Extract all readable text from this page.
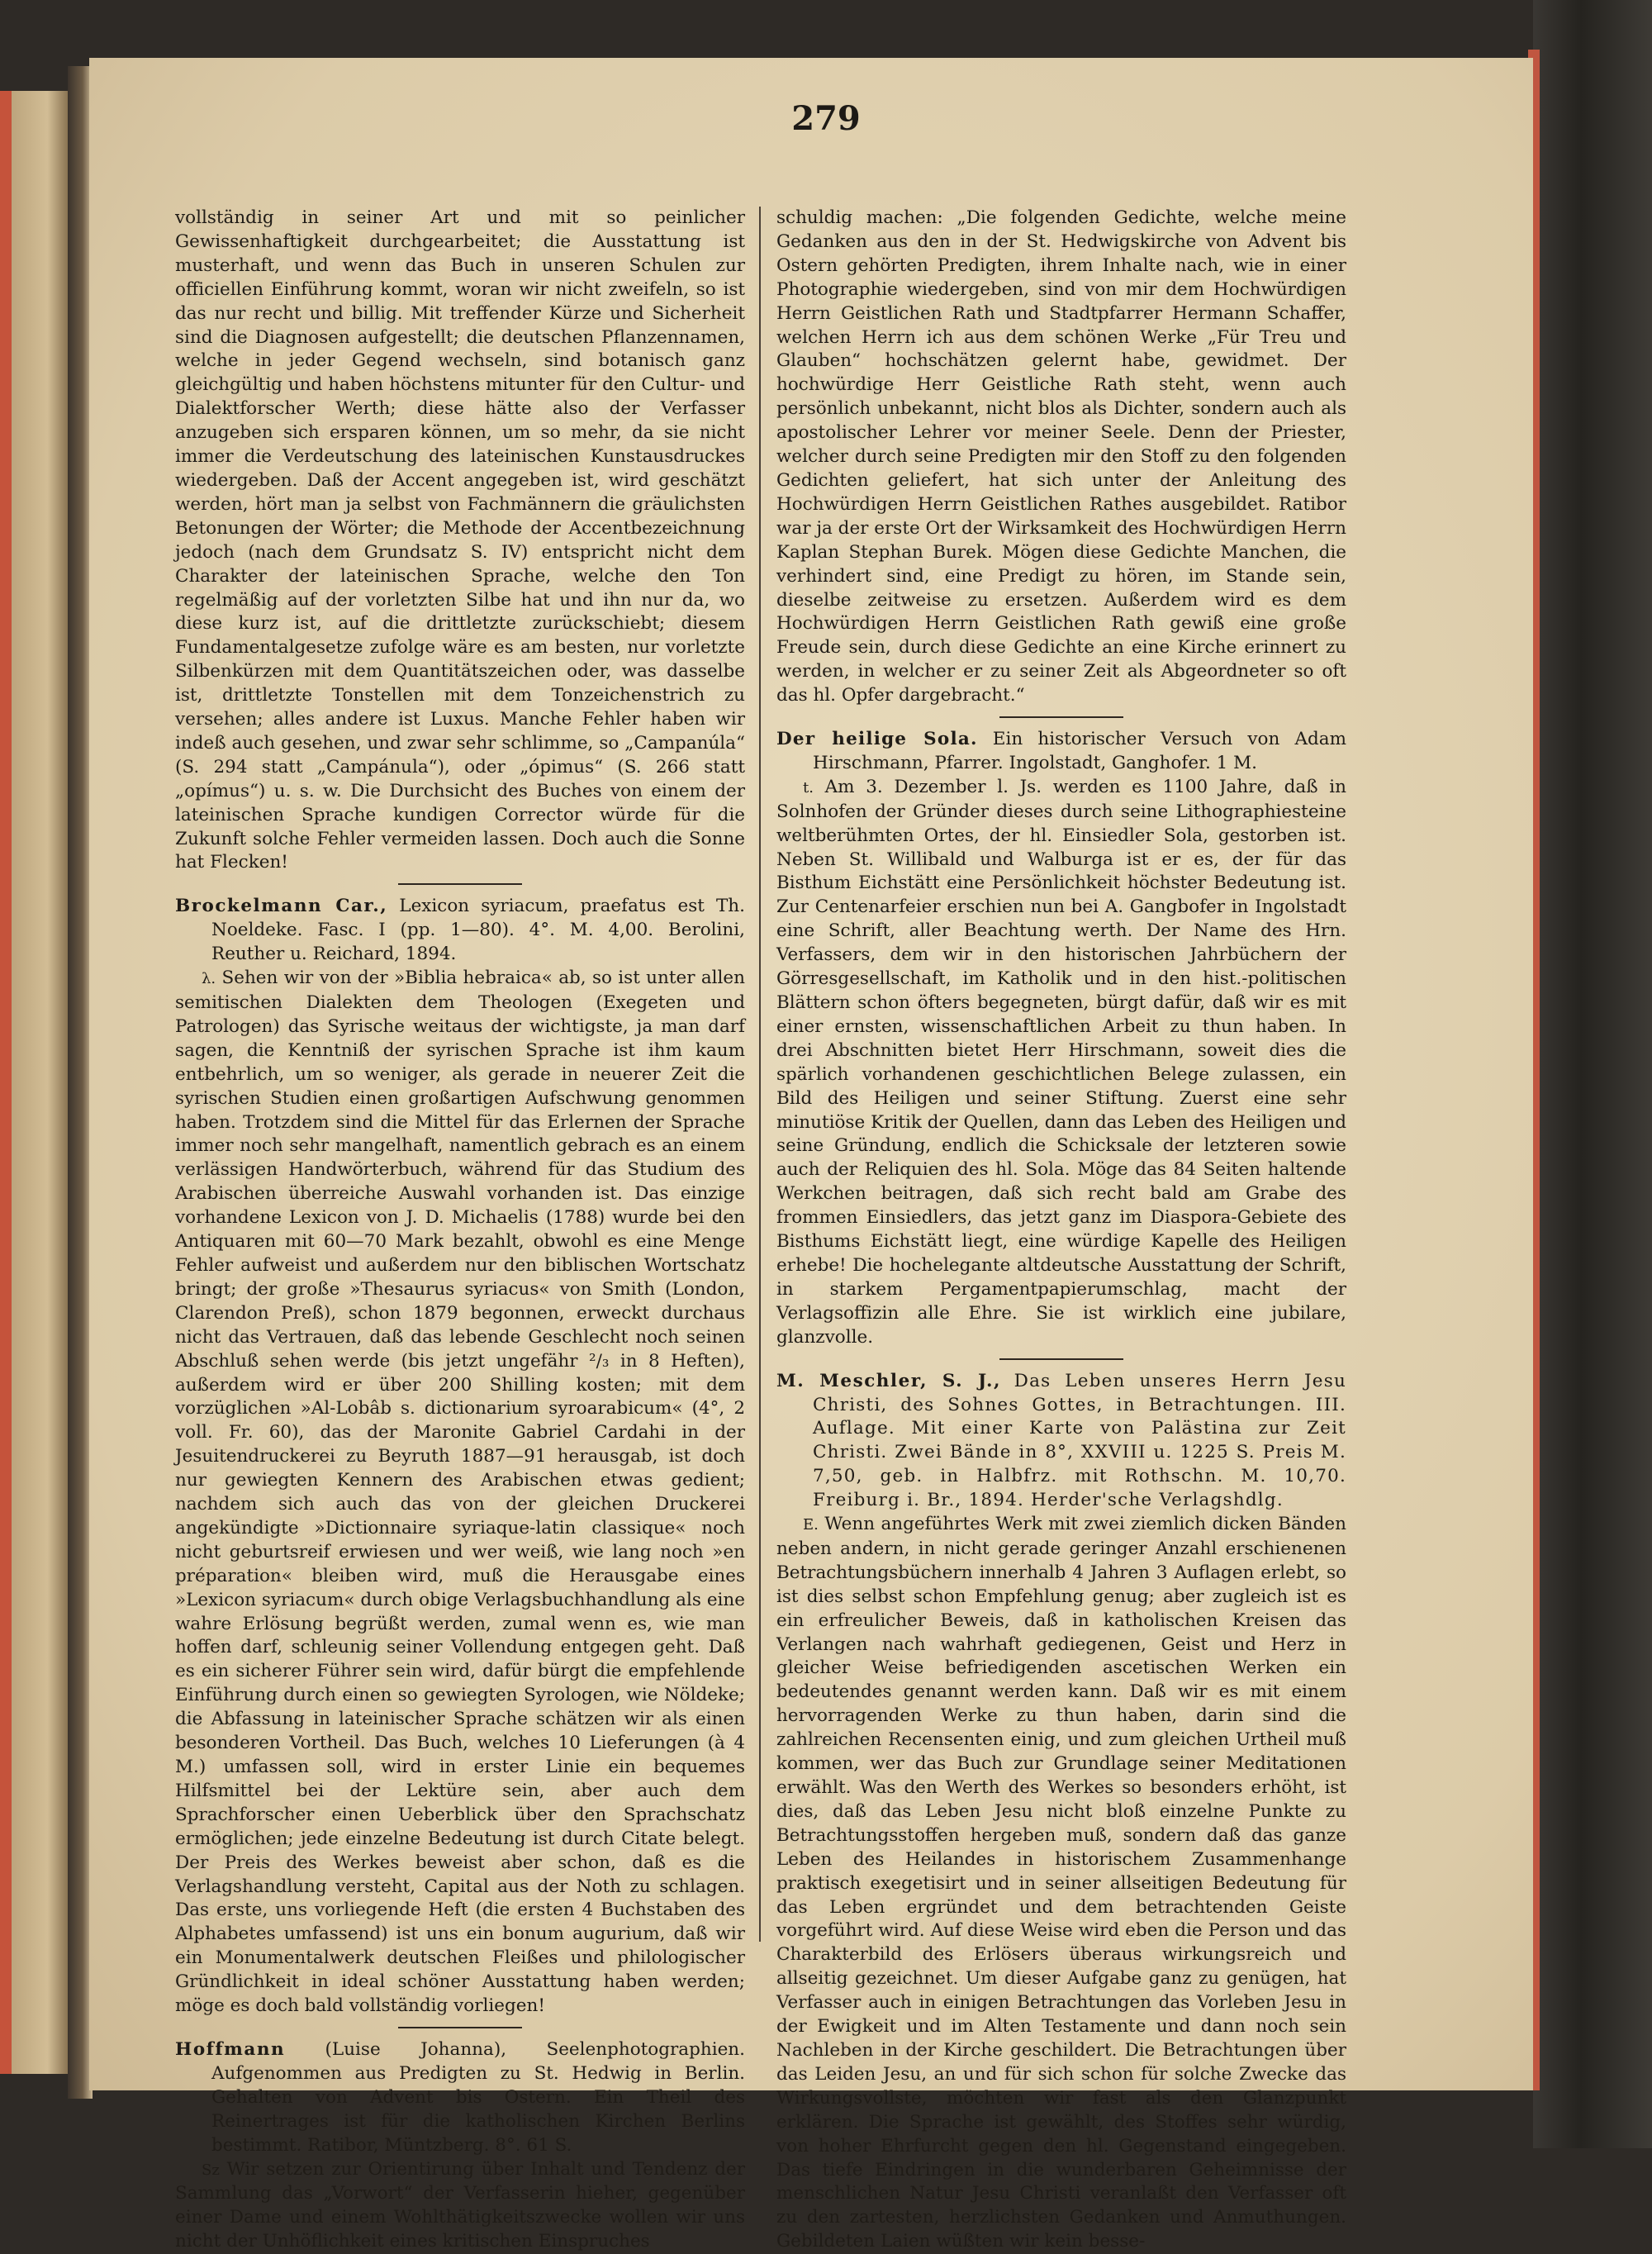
279

vollständig in seiner Art und mit so peinlicher Gewissenhaftigkeit durchgearbeitet; die Ausstattung ist musterhaft, und wenn das Buch in unseren Schulen zur officiellen Einführung kommt, woran wir nicht zweifeln, so ist das nur recht und billig. Mit treffender Kürze und Sicherheit sind die Diagnosen aufgestellt; die deutschen Pflanzennamen, welche in jeder Gegend wechseln, sind botanisch ganz gleichgültig und haben höchstens mitunter für den Cultur- und Dialektforscher Werth; diese hätte also der Verfasser anzugeben sich ersparen können, um so mehr, da sie nicht immer die Verdeutschung des lateinischen Kunstausdruckes wiedergeben. Daß der Accent angegeben ist, wird geschätzt werden, hört man ja selbst von Fachmännern die gräulichsten Betonungen der Wörter; die Methode der Accentbezeichnung jedoch (nach dem Grundsatz S. IV) entspricht nicht dem Charakter der lateinischen Sprache, welche den Ton regelmäßig auf der vorletzten Silbe hat und ihn nur da, wo diese kurz ist, auf die drittletzte zurückschiebt; diesem Fundamentalgesetze zufolge wäre es am besten, nur vorletzte Silbenkürzen mit dem Quantitätszeichen oder, was dasselbe ist, drittletzte Tonstellen mit dem Tonzeichenstrich zu versehen; alles andere ist Luxus. Manche Fehler haben wir indeß auch gesehen, und zwar sehr schlimme, so „Campanúla“ (S. 294 statt „Campánula“), oder „ópimus“ (S. 266 statt „opímus“) u. s. w. Die Durchsicht des Buches von einem der lateinischen Sprache kundigen Corrector würde für die Zukunft solche Fehler vermeiden lassen. Doch auch die Sonne hat Flecken!

Brockelmann Car., Lexicon syriacum, praefatus est Th. Noeldeke. Fasc. I (pp. 1—80). 4°. M. 4,00. Berolini, Reuther u. Reichard, 1894.

λ. Sehen wir von der »Biblia hebraica« ab, so ist unter allen semitischen Dialekten dem Theologen (Exegeten und Patrologen) das Syrische weitaus der wichtigste, ja man darf sagen, die Kenntniß der syrischen Sprache ist ihm kaum entbehrlich, um so weniger, als gerade in neuerer Zeit die syrischen Studien einen großartigen Aufschwung genommen haben. Trotzdem sind die Mittel für das Erlernen der Sprache immer noch sehr mangelhaft, namentlich gebrach es an einem verlässigen Handwörterbuch, während für das Studium des Arabischen überreiche Auswahl vorhanden ist. Das einzige vorhandene Lexicon von J. D. Michaelis (1788) wurde bei den Antiquaren mit 60—70 Mark bezahlt, obwohl es eine Menge Fehler aufweist und außerdem nur den biblischen Wortschatz bringt; der große »Thesaurus syriacus« von Smith (London, Clarendon Preß), schon 1879 begonnen, erweckt durchaus nicht das Vertrauen, daß das lebende Geschlecht noch seinen Abschluß sehen werde (bis jetzt ungefähr ²/₃ in 8 Heften), außerdem wird er über 200 Shilling kosten; mit dem vorzüglichen »Al-Lobâb s. dictionarium syroarabicum« (4°, 2 voll. Fr. 60), das der Maronite Gabriel Cardahi in der Jesuitendruckerei zu Beyruth 1887—91 herausgab, ist doch nur gewiegten Kennern des Arabischen etwas gedient; nachdem sich auch das von der gleichen Druckerei angekündigte »Dictionnaire syriaque-latin classique« noch nicht geburtsreif erwiesen und wer weiß, wie lang noch »en préparation« bleiben wird, muß die Herausgabe eines »Lexicon syriacum« durch obige Verlagsbuchhandlung als eine wahre Erlösung begrüßt werden, zumal wenn es, wie man hoffen darf, schleunig seiner Vollendung entgegen geht. Daß es ein sicherer Führer sein wird, dafür bürgt die empfehlende Einführung durch einen so gewiegten Syrologen, wie Nöldeke; die Abfassung in lateinischer Sprache schätzen wir als einen besonderen Vortheil. Das Buch, welches 10 Lieferungen (à 4 M.) umfassen soll, wird in erster Linie ein bequemes Hilfsmittel bei der Lektüre sein, aber auch dem Sprachforscher einen Ueberblick über den Sprachschatz ermöglichen; jede einzelne Bedeutung ist durch Citate belegt. Der Preis des Werkes beweist aber schon, daß es die Verlagshandlung versteht, Capital aus der Noth zu schlagen. Das erste, uns vorliegende Heft (die ersten 4 Buchstaben des Alphabetes umfassend) ist uns ein bonum augurium, daß wir ein Monumentalwerk deutschen Fleißes und philologischer Gründlichkeit in ideal schöner Ausstattung haben werden; möge es doch bald vollständig vorliegen!

Hoffmann (Luise Johanna), Seelenphotographien. Aufgenommen aus Predigten zu St. Hedwig in Berlin. Gehalten von Advent bis Ostern. Ein Theil des Reinertrages ist für die katholischen Kirchen Berlins bestimmt. Ratibor, Müntzberg. 8°. 61 S.

Sz Wir setzen zur Orientirung über Inhalt und Tendenz der Sammlung das „Vorwort“ der Verfasserin hieher, gegenüber einer Dame und einem Wohlthätigkeitszwecke wollen wir uns nicht der Unhöflichkeit eines kritischen Einspruches

schuldig machen: „Die folgenden Gedichte, welche meine Gedanken aus den in der St. Hedwigskirche von Advent bis Ostern gehörten Predigten, ihrem Inhalte nach, wie in einer Photographie wiedergeben, sind von mir dem Hochwürdigen Herrn Geistlichen Rath und Stadtpfarrer Hermann Schaffer, welchen Herrn ich aus dem schönen Werke „Für Treu und Glauben“ hochschätzen gelernt habe, gewidmet. Der hochwürdige Herr Geistliche Rath steht, wenn auch persönlich unbekannt, nicht blos als Dichter, sondern auch als apostolischer Lehrer vor meiner Seele. Denn der Priester, welcher durch seine Predigten mir den Stoff zu den folgenden Gedichten geliefert, hat sich unter der Anleitung des Hochwürdigen Herrn Geistlichen Rathes ausgebildet. Ratibor war ja der erste Ort der Wirksamkeit des Hochwürdigen Herrn Kaplan Stephan Burek. Mögen diese Gedichte Manchen, die verhindert sind, eine Predigt zu hören, im Stande sein, dieselbe zeitweise zu ersetzen. Außerdem wird es dem Hochwürdigen Herrn Geistlichen Rath gewiß eine große Freude sein, durch diese Gedichte an eine Kirche erinnert zu werden, in welcher er zu seiner Zeit als Abgeordneter so oft das hl. Opfer dargebracht.“

Der heilige Sola. Ein historischer Versuch von Adam Hirschmann, Pfarrer. Ingolstadt, Ganghofer. 1 M.

t. Am 3. Dezember l. Js. werden es 1100 Jahre, daß in Solnhofen der Gründer dieses durch seine Lithographiesteine weltberühmten Ortes, der hl. Einsiedler Sola, gestorben ist. Neben St. Willibald und Walburga ist er es, der für das Bisthum Eichstätt eine Persönlichkeit höchster Bedeutung ist. Zur Centenarfeier erschien nun bei A. Gangbofer in Ingolstadt eine Schrift, aller Beachtung werth. Der Name des Hrn. Verfassers, dem wir in den historischen Jahrbüchern der Görresgesellschaft, im Katholik und in den hist.-politischen Blättern schon öfters begegneten, bürgt dafür, daß wir es mit einer ernsten, wissenschaftlichen Arbeit zu thun haben. In drei Abschnitten bietet Herr Hirschmann, soweit dies die spärlich vorhandenen geschichtlichen Belege zulassen, ein Bild des Heiligen und seiner Stiftung. Zuerst eine sehr minutiöse Kritik der Quellen, dann das Leben des Heiligen und seine Gründung, endlich die Schicksale der letzteren sowie auch der Reliquien des hl. Sola. Möge das 84 Seiten haltende Werkchen beitragen, daß sich recht bald am Grabe des frommen Einsiedlers, das jetzt ganz im Diaspora-Gebiete des Bisthums Eichstätt liegt, eine würdige Kapelle des Heiligen erhebe! Die hochelegante altdeutsche Ausstattung der Schrift, in starkem Pergamentpapierumschlag, macht der Verlagsoffizin alle Ehre. Sie ist wirklich eine jubilare, glanzvolle.

M. Meschler, S. J., Das Leben unseres Herrn Jesu Christi, des Sohnes Gottes, in Betrachtungen. III. Auflage. Mit einer Karte von Palästina zur Zeit Christi. Zwei Bände in 8°, XXVIII u. 1225 S. Preis M. 7,50, geb. in Halbfrz. mit Rothschn. M. 10,70. Freiburg i. Br., 1894. Herder'sche Verlagshdlg.

E. Wenn angeführtes Werk mit zwei ziemlich dicken Bänden neben andern, in nicht gerade geringer Anzahl erschienenen Betrachtungsbüchern innerhalb 4 Jahren 3 Auflagen erlebt, so ist dies selbst schon Empfehlung genug; aber zugleich ist es ein erfreulicher Beweis, daß in katholischen Kreisen das Verlangen nach wahrhaft gediegenen, Geist und Herz in gleicher Weise befriedigenden ascetischen Werken ein bedeutendes genannt werden kann. Daß wir es mit einem hervorragenden Werke zu thun haben, darin sind die zahlreichen Recensenten einig, und zum gleichen Urtheil muß kommen, wer das Buch zur Grundlage seiner Meditationen erwählt. Was den Werth des Werkes so besonders erhöht, ist dies, daß das Leben Jesu nicht bloß einzelne Punkte zu Betrachtungsstoffen hergeben muß, sondern daß das ganze Leben des Heilandes in historischem Zusammenhange praktisch exegetisirt und in seiner allseitigen Bedeutung für das Leben ergründet und dem betrachtenden Geiste vorgeführt wird. Auf diese Weise wird eben die Person und das Charakterbild des Erlösers überaus wirkungsreich und allseitig gezeichnet. Um dieser Aufgabe ganz zu genügen, hat Verfasser auch in einigen Betrachtungen das Vorleben Jesu in der Ewigkeit und im Alten Testamente und dann noch sein Nachleben in der Kirche geschildert. Die Betrachtungen über das Leiden Jesu, an und für sich schon für solche Zwecke das Wirkungsvollste, möchten wir fast als den Glanzpunkt erklären. Die Sprache ist gewählt, des Stoffes sehr würdig, von hoher Ehrfurcht gegen den hl. Gegenstand eingegeben. Das tiefe Eindringen in die wunderbaren Geheimnisse der menschlichen Natur Jesu Christi veranlaßt den Verfasser oft zu den zartesten, herzlichsten Gedanken und Anmuthungen. Gebildeten Laien wüßten wir kein besse-
